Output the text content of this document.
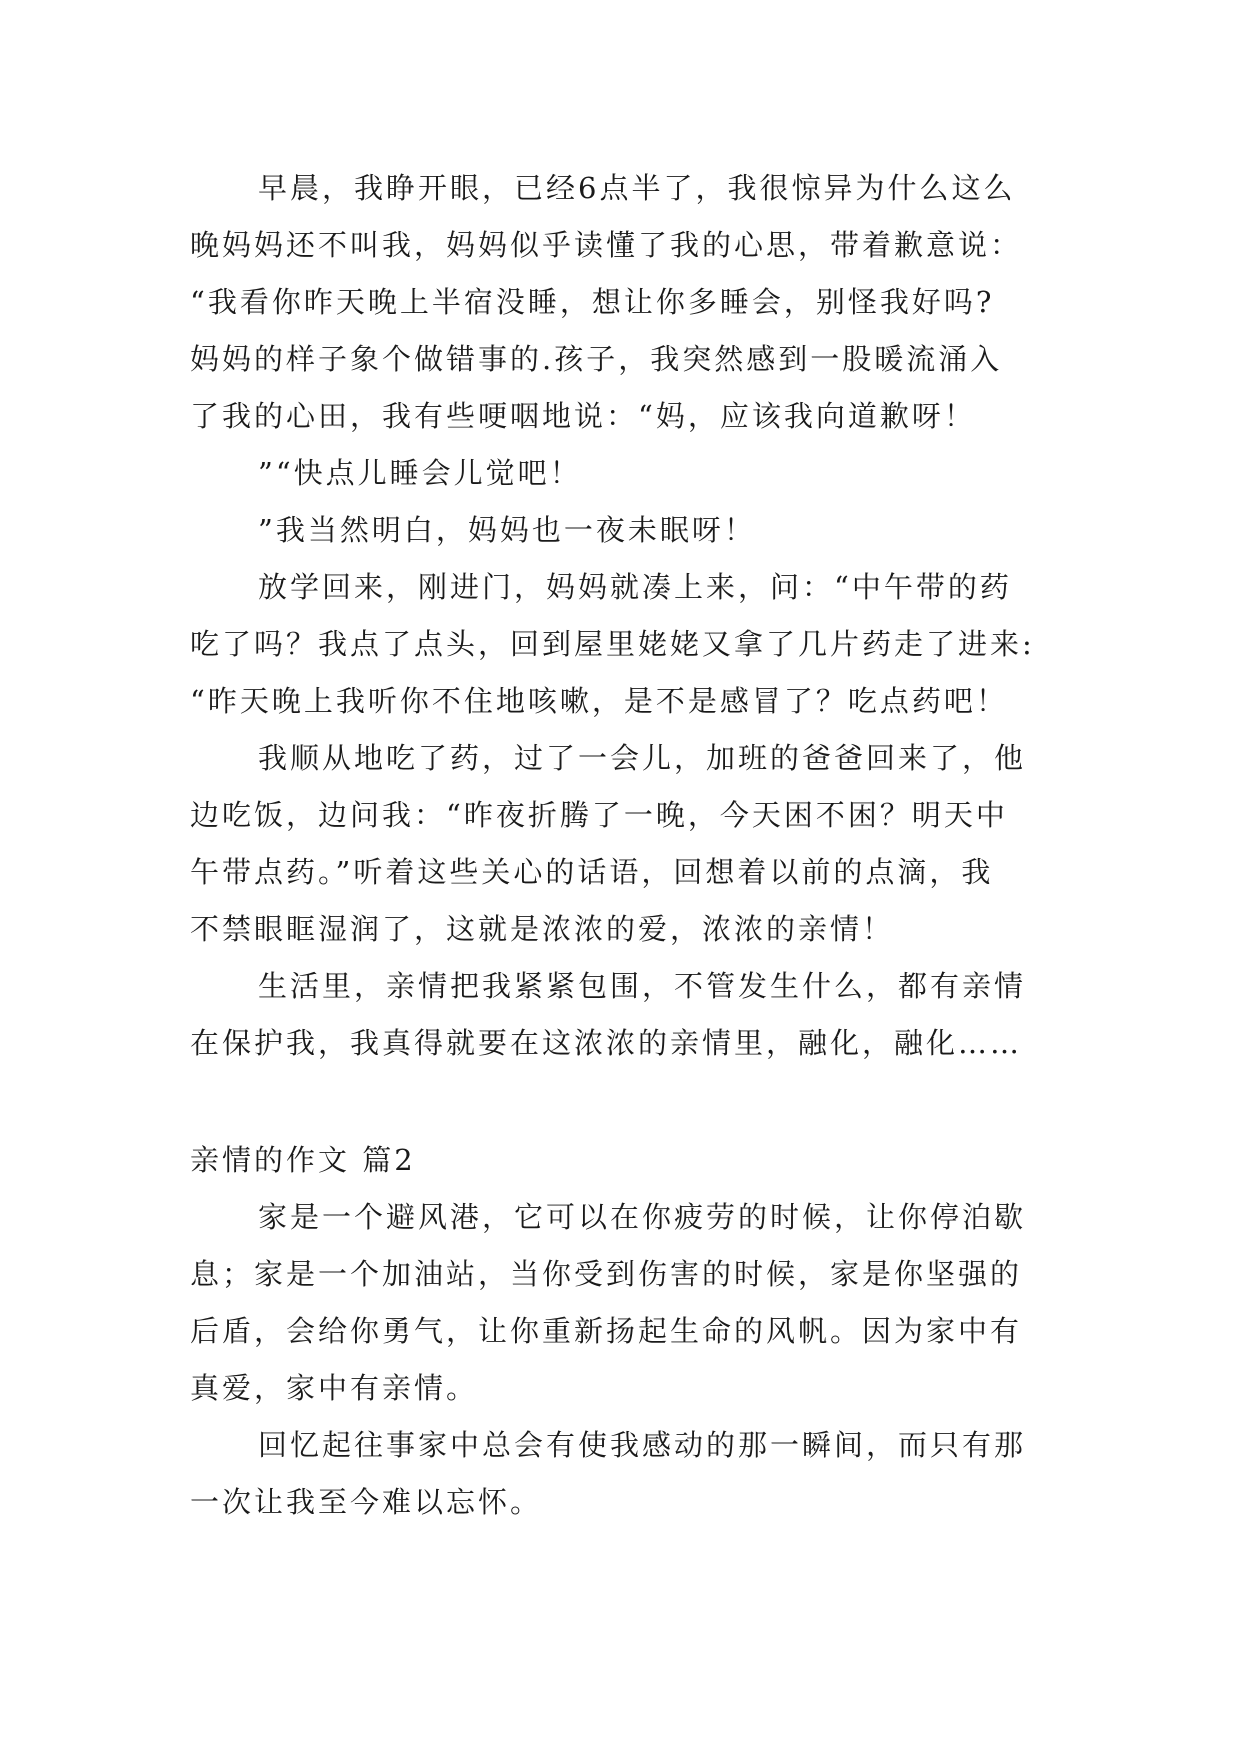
早晨，我睁开眼，已经6点半了，我很惊异为什么这么
晚妈妈还不叫我，妈妈似乎读懂了我的心思，带着歉意说：
“我看你昨天晚上半宿没睡，想让你多睡会，别怪我好吗?
妈妈的样子象个做错事的.孩子，我突然感到一股暖流涌入
了我的心田，我有些哽咽地说：“妈，应该我向道歉呀！
”“快点儿睡会儿觉吧！
”我当然明白，妈妈也一夜未眠呀！
放学回来，刚进门，妈妈就凑上来，问：“中午带的药
吃了吗？我点了点头，回到屋里姥姥又拿了几片药走了进来:
“昨天晚上我听你不住地咳嗽，是不是感冒了？吃点药吧！
我顺从地吃了药，过了一会儿，加班的爸爸回来了，他
边吃饭，边问我：“昨夜折腾了一晚，今天困不困？明天中
午带点药。”听着这些关心的话语，回想着以前的点滴，我
不禁眼眶湿润了，这就是浓浓的爱，浓浓的亲情！
生活里，亲情把我紧紧包围，不管发生什么，都有亲情
在保护我，我真得就要在这浓浓的亲情里，融化，融化……
亲情的作文 篇2
家是一个避风港，它可以在你疲劳的时候，让你停泊歇
息；家是一个加油站，当你受到伤害的时候，家是你坚强的
后盾，会给你勇气，让你重新扬起生命的风帆。因为家中有
真爱，家中有亲情。
回忆起往事家中总会有使我感动的那一瞬间，而只有那
一次让我至今难以忘怀。
